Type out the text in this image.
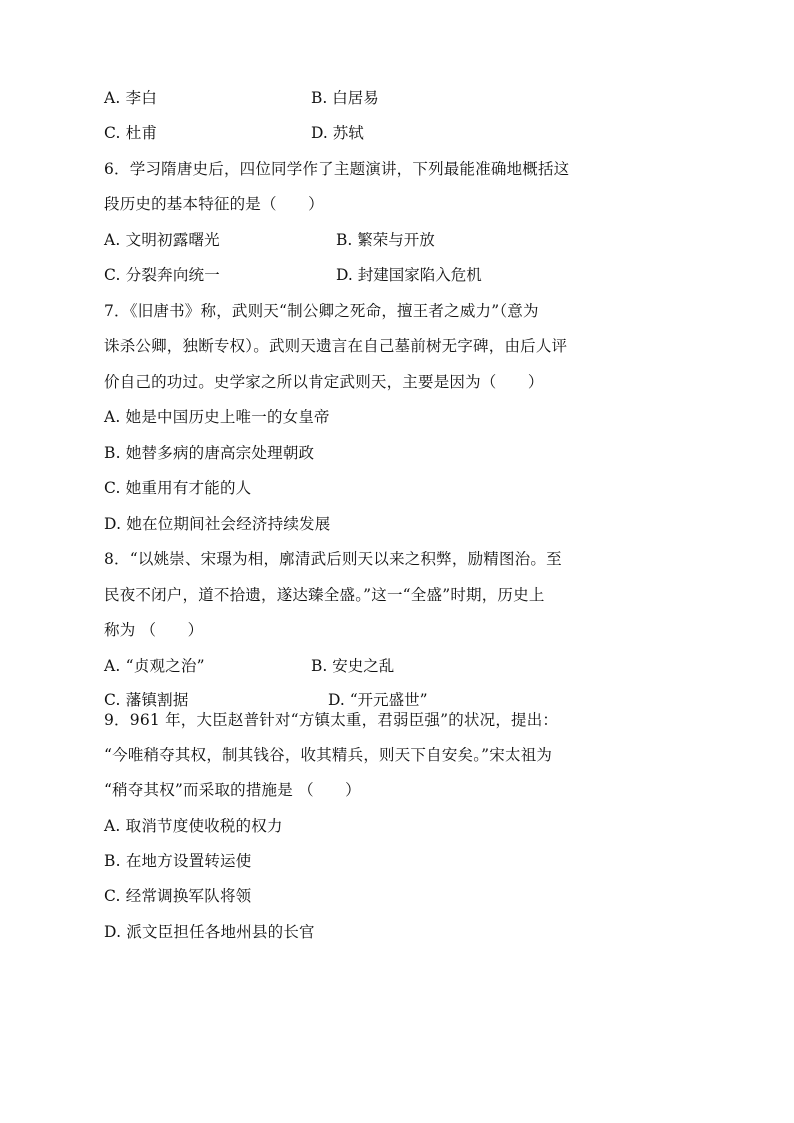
A. 李白	B. 白居易
C. 杜甫	D. 苏轼
6．学习隋唐史后，四位同学作了主题演讲，下列最能准确地概括这
段历史的基本特征的是（　　）
A. 文明初露曙光	B. 繁荣与开放
C. 分裂奔向统一	D. 封建国家陷入危机
7．《旧唐书》称，武则天“制公卿之死命，擅王者之威力”（意为
诛杀公卿，独断专权）。武则天遗言在自己墓前树无字碑，由后人评
价自己的功过。史学家之所以肯定武则天，主要是因为（　　）
A. 她是中国历史上唯一的女皇帝
B. 她替多病的唐高宗处理朝政
C. 她重用有才能的人
D. 她在位期间社会经济持续发展
8．“以姚崇、宋璟为相，廓清武后则天以来之积弊，励精图治。至
民夜不闭户，道不拾遗，遂达臻全盛。”这一“全盛”时期，历史上
称为 （　　）
A. “贞观之治”	B. 安史之乱
C. 藩镇割据	D. “开元盛世”
9．961 年，大臣赵普针对“方镇太重，君弱臣强”的状况，提出：
“今唯稍夺其权，制其钱谷，收其精兵，则天下自安矣。”宋太祖为
“稍夺其权”而采取的措施是 （　　）
A. 取消节度使收税的权力
B. 在地方设置转运使
C. 经常调换军队将领
D. 派文臣担任各地州县的长官
